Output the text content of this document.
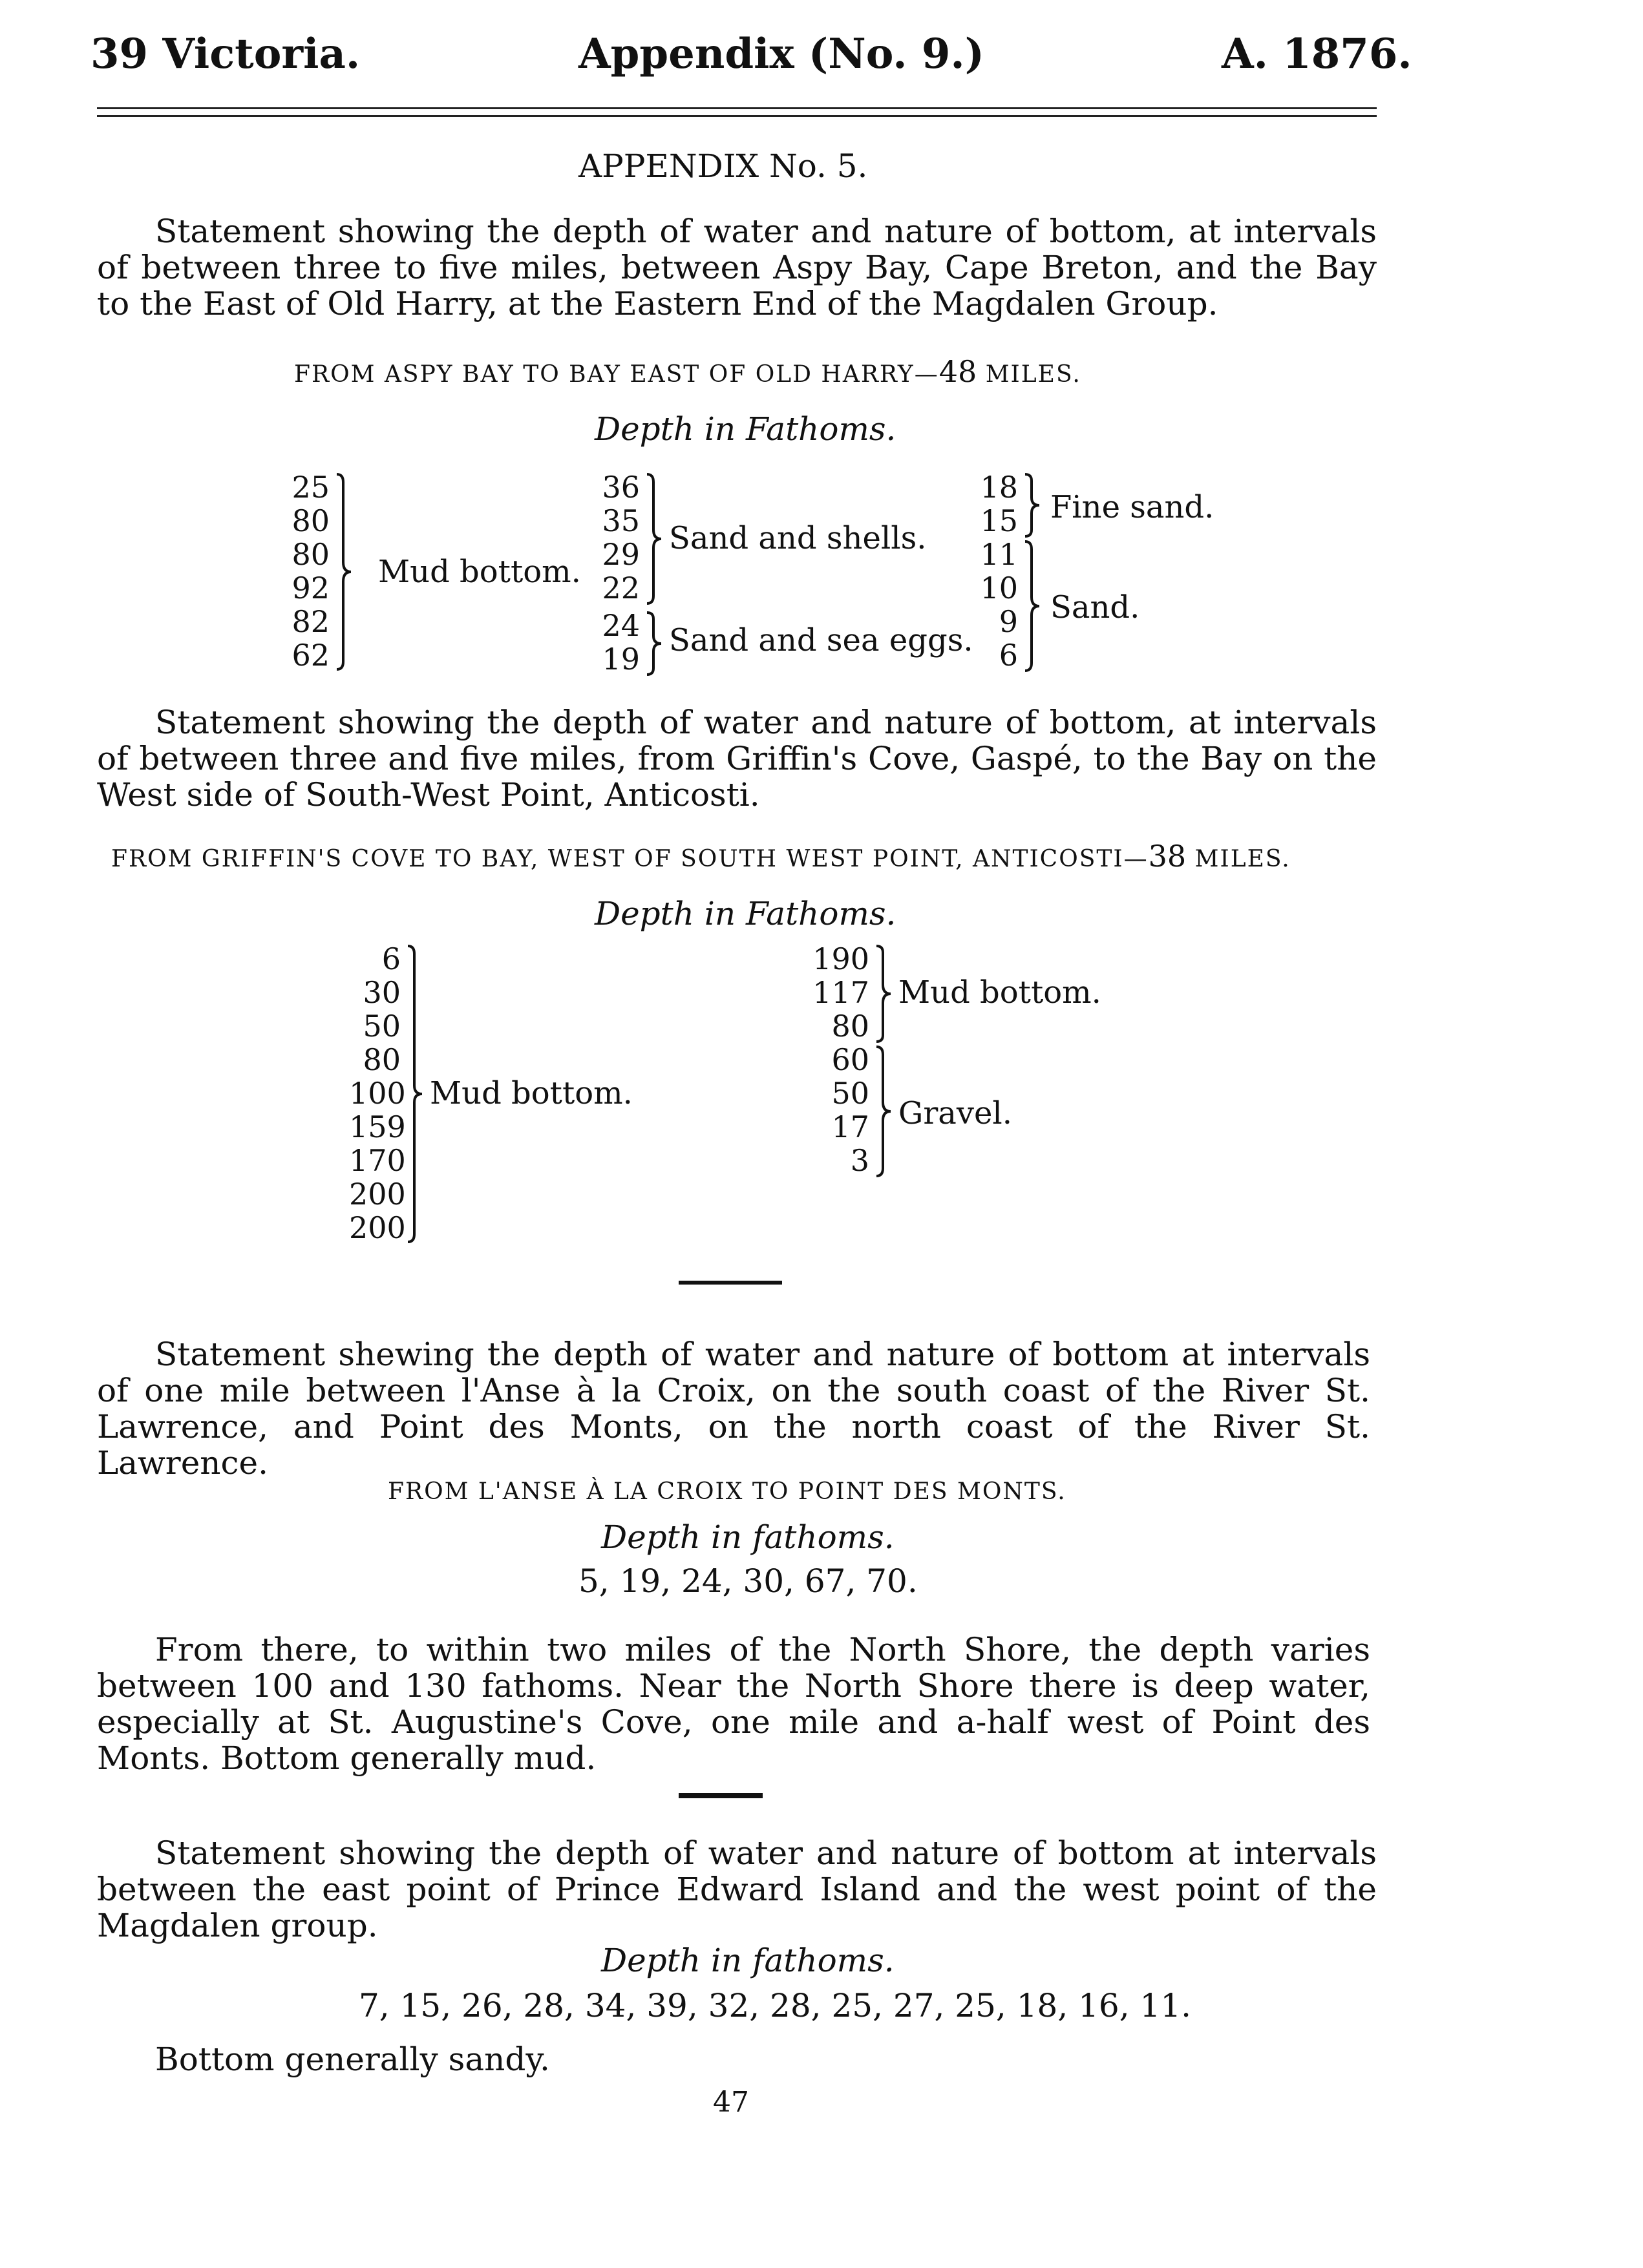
39 Victoria.	Appendix (No. 9.)	A. 1876.
APPENDIX No. 5.
Statement showing the depth of water and nature of bottom, at intervals of between three to five miles, between Aspy Bay, Cape Breton, and the Bay to the East of Old Harry, at the Eastern End of the Magdalen Group.
FROM ASPY BAY TO BAY EAST OF OLD HARRY—48 MILES.
Depth in Fathoms.
25
80
80
92
82
62
Mud bottom.
36
35
29
22
Sand and shells.
24
19
Sand and sea eggs.
18
15 Fine sand.
11
10
9
6
Sand.
Statement showing the depth of water and nature of bottom, at intervals of between three and five miles, from Griffin's Cove, Gaspé, to the Bay on the West side of South-West Point, Anticosti.
FROM GRIFFIN'S COVE TO BAY, WEST OF SOUTH WEST POINT, ANTICOSTI—38 MILES.
Depth in Fathoms.
6
30
50
80
100
159
170
200
200
Mud bottom.
190
117
80
Mud bottom.
60
50
17
3
Gravel.
Statement shewing the depth of water and nature of bottom at intervals of one mile between l'Anse à la Croix, on the south coast of the River St. Lawrence, and Point des Monts, on the north coast of the River St. Lawrence.
FROM L'ANSE À LA CROIX TO POINT DES MONTS.
Depth in fathoms.
5, 19, 24, 30, 67, 70.
From there, to within two miles of the North Shore, the depth varies between 100 and 130 fathoms. Near the North Shore there is deep water, especially at St. Augustine's Cove, one mile and a-half west of Point des Monts. Bottom generally mud.
Statement showing the depth of water and nature of bottom at intervals between the east point of Prince Edward Island and the west point of the Magdalen group.
Depth in fathoms.
7, 15, 26, 28, 34, 39, 32, 28, 25, 27, 25, 18, 16, 11.
Bottom generally sandy.
47
